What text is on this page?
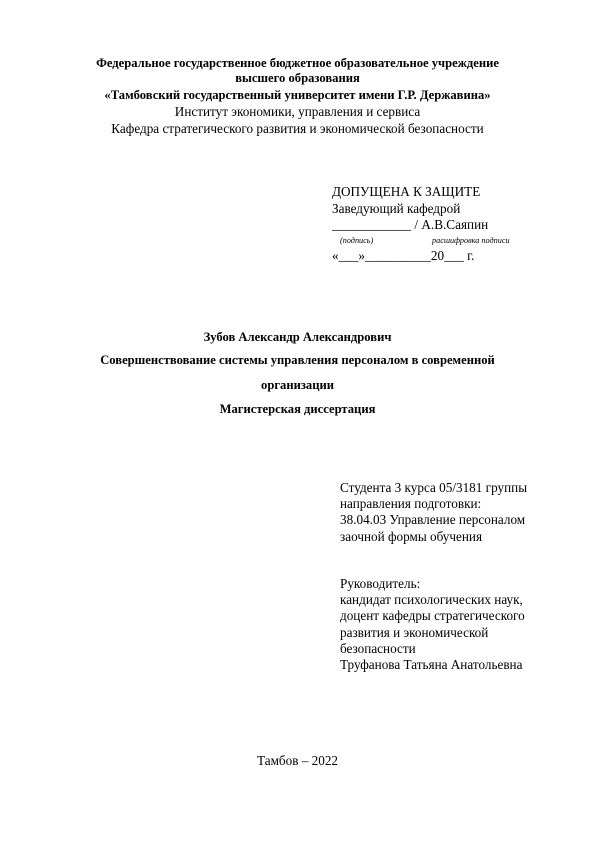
Федеральное государственное бюджетное образовательное учреждение
высшего образования
«Тамбовский государственный университет имени Г.Р. Державина»
Институт экономики, управления и сервиса
Кафедра стратегического развития и экономической безопасности
ДОПУЩЕНА К ЗАЩИТЕ
Заведующий кафедрой
____________ / А.В.Саяпин
(подпись)	расшифровка подписи
«___»__________20___ г.
Зубов Александр Александрович
Совершенствование системы управления персоналом в современной
организации
Магистерская диссертация
Студента 3 курса 05/3181 группы
направления подготовки:
38.04.03 Управление персоналом
заочной формы обучения
Руководитель:
кандидат психологических наук,
доцент кафедры стратегического
развития и экономической
безопасности
Труфанова Татьяна Анатольевна
Тамбов – 2022
